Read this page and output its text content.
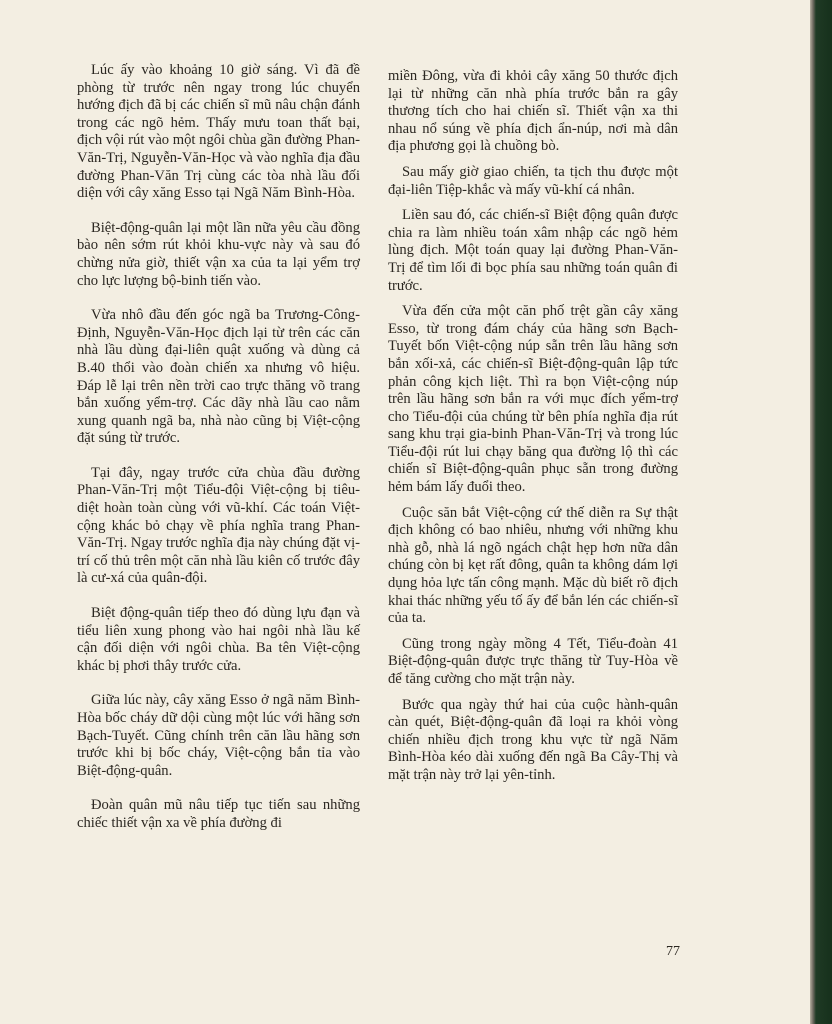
Lúc ấy vào khoảng 10 giờ sáng. Vì đã đề phòng từ trước nên ngay trong lúc chuyển hướng địch đã bị các chiến sĩ mũ nâu chận đánh trong các ngõ hẻm. Thấy mưu toan thất bại, địch vội rút vào một ngôi chùa gần đường Phan-Văn-Trị, Nguyễn-Văn-Học và vào nghĩa địa đầu đường Phan-Văn Trị cùng các tòa nhà lầu đối diện với cây xăng Esso tại Ngã Năm Bình-Hòa.

Biệt-động-quân lại một lần nữa yêu cầu đồng bào nên sớm rút khỏi khu-vực này và sau đó chừng nửa giờ, thiết vận xa của ta lại yểm trợ cho lực lượng bộ-binh tiến vào.

Vừa nhô đầu đến góc ngã ba Trương-Công-Định, Nguyễn-Văn-Học địch lại từ trên các căn nhà lầu dùng đại-liên quật xuống và dùng cả B.40 thổi vào đoàn chiến xa nhưng vô hiệu. Đáp lễ lại trên nền trời cao trực thăng võ trang bắn xuống yểm-trợ. Các dãy nhà lầu cao nằm xung quanh ngã ba, nhà nào cũng bị Việt-cộng đặt súng từ trước.

Tại đây, ngay trước cửa chùa đầu đường Phan-Văn-Trị một Tiểu-đội Việt-cộng bị tiêu-diệt hoàn toàn cùng với vũ-khí. Các toán Việt-cộng khác bỏ chạy về phía nghĩa trang Phan-Văn-Trị. Ngay trước nghĩa địa này chúng đặt vị-trí cố thủ trên một căn nhà lầu kiên cố trước đây là cư-xá của quân-đội.

Biệt động-quân tiếp theo đó dùng lựu đạn và tiểu liên xung phong vào hai ngôi nhà lầu kế cận đối diện với ngôi chùa. Ba tên Việt-cộng khác bị phơi thây trước cửa.

Giữa lúc này, cây xăng Esso ở ngã năm Bình-Hòa bốc cháy dữ dội cùng một lúc với hãng sơn Bạch-Tuyết. Cũng chính trên căn lầu hãng sơn trước khi bị bốc cháy, Việt-cộng bắn tỉa vào Biệt-động-quân.

Đoàn quân mũ nâu tiếp tục tiến sau những chiếc thiết vận xa về phía đường đi

miền Đông, vừa đi khỏi cây xăng 50 thước địch lại từ những căn nhà phía trước bắn ra gây thương tích cho hai chiến sĩ. Thiết vận xa thi nhau nổ súng về phía địch ẩn-núp, nơi mà dân địa phương gọi là chuồng bò.

Sau mấy giờ giao chiến, ta tịch thu được một đại-liên Tiệp-khắc và mấy vũ-khí cá nhân.

Liền sau đó, các chiến-sĩ Biệt động quân được chia ra làm nhiều toán xâm nhập các ngõ hẻm lùng địch. Một toán quay lại đường Phan-Văn-Trị để tìm lối đi bọc phía sau những toán quân đi trước.

Vừa đến cửa một căn phố trệt gần cây xăng Esso, từ trong đám cháy của hãng sơn Bạch-Tuyết bốn Việt-cộng núp sẵn trên lầu hãng sơn bắn xối-xả, các chiến-sĩ Biệt-động-quân lập tức phản công kịch liệt. Thì ra bọn Việt-cộng núp trên lầu hãng sơn bắn ra với mục đích yểm-trợ cho Tiểu-đội của chúng từ bên phía nghĩa địa rút sang khu trại gia-binh Phan-Văn-Trị và trong lúc Tiểu-đội rút lui chạy băng qua đường lộ thì các chiến sĩ Biệt-động-quân phục sẵn trong đường hẻm bám lấy đuổi theo.

Cuộc săn bắt Việt-cộng cứ thế diễn ra Sự thật địch không có bao nhiêu, nhưng với những khu nhà gỗ, nhà lá ngõ ngách chật hẹp hơn nữa dân chúng còn bị kẹt rất đông, quân ta không dám lợi dụng hỏa lực tấn công mạnh. Mặc dù biết rõ địch khai thác những yếu tố ấy để bắn lén các chiến-sĩ của ta.

Cũng trong ngày mồng 4 Tết, Tiểu-đoàn 41 Biệt-động-quân được trực thăng từ Tuy-Hòa về để tăng cường cho mặt trận này.

Bước qua ngày thứ hai của cuộc hành-quân càn quét, Biệt-động-quân đã loại ra khỏi vòng chiến nhiều địch trong khu vực từ ngã Năm Bình-Hòa kéo dài xuống đến ngã Ba Cây-Thị và mặt trận này trở lại yên-tỉnh.

77
